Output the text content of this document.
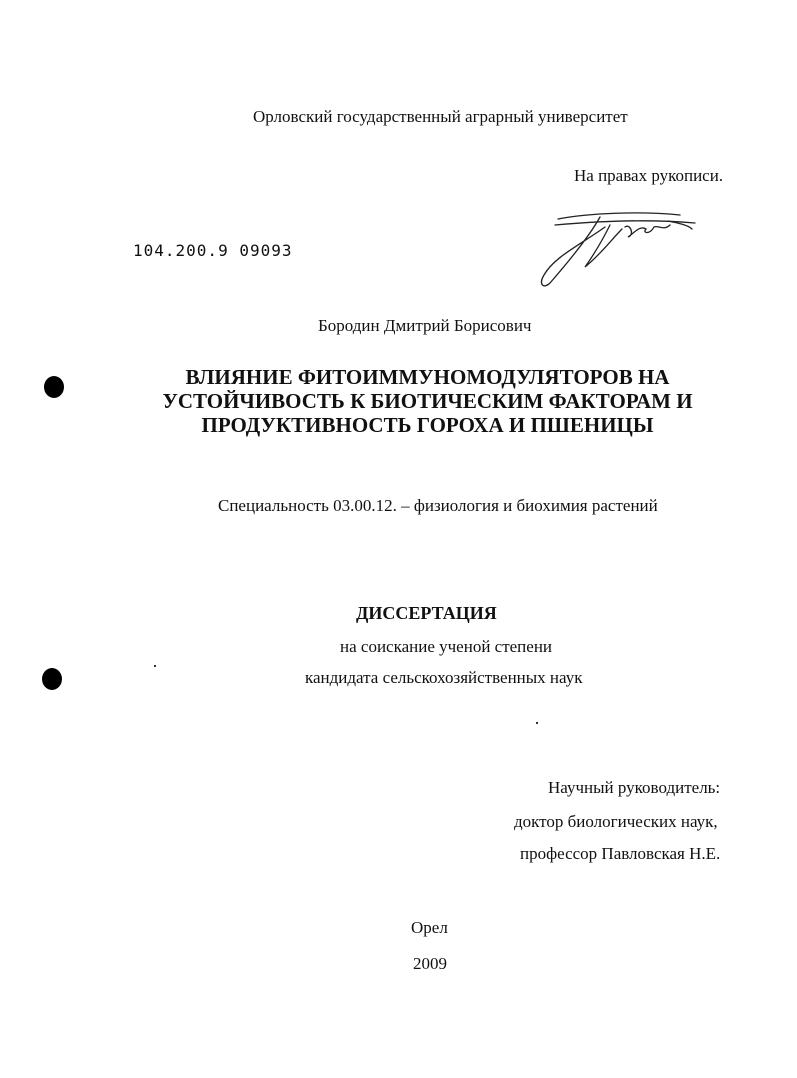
Орловский государственный аграрный университет
На правах рукописи.
104.200.9 09093
Бородин Дмитрий Борисович
ВЛИЯНИЕ ФИТОИММУНОМОДУЛЯТОРОВ НА
УСТОЙЧИВОСТЬ К БИОТИЧЕСКИМ ФАКТОРАМ И
ПРОДУКТИВНОСТЬ ГОРОХА И ПШЕНИЦЫ
Специальность 03.00.12. – физиология и биохимия растений
ДИССЕРТАЦИЯ
на соискание ученой степени
кандидата сельскохозяйственных наук
Научный руководитель:
доктор биологических наук,
профессор Павловская Н.Е.
Орел
2009
